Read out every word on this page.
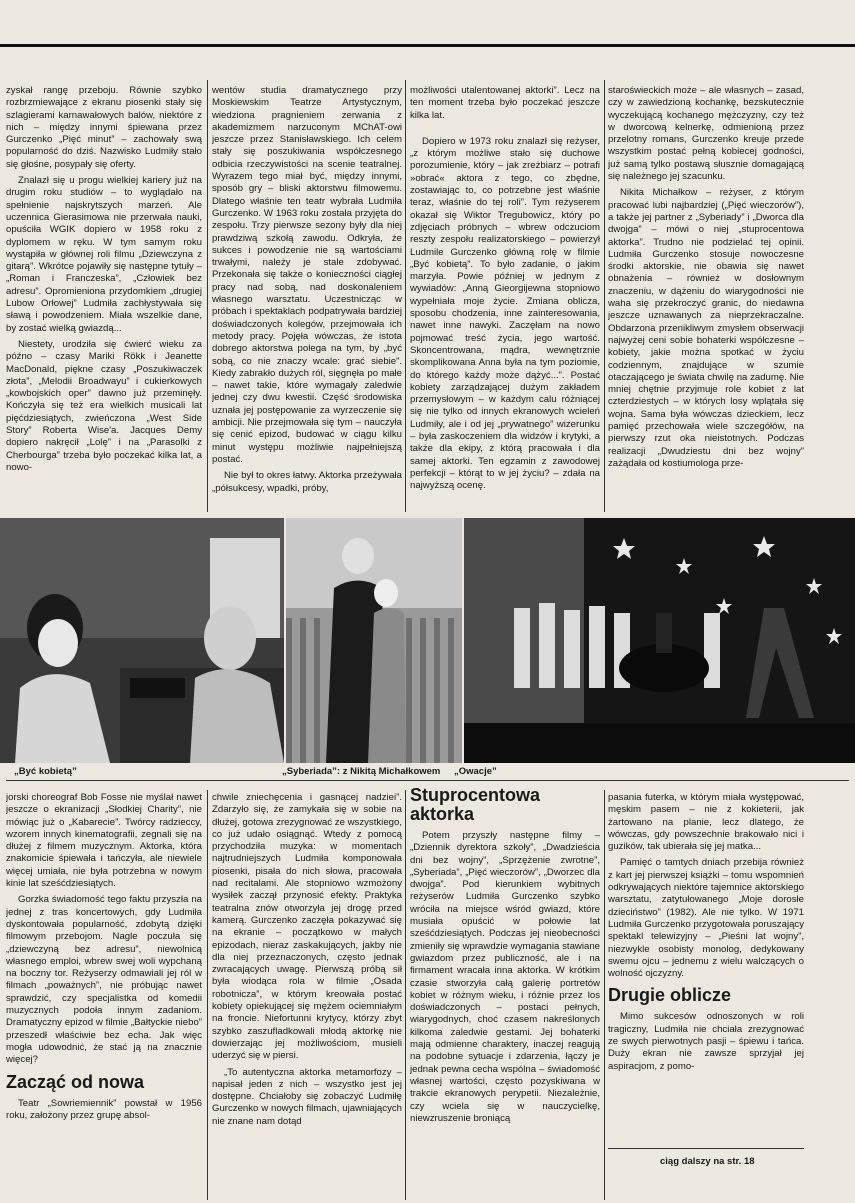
zyskał rangę przeboju. Równie szybko rozbrzmiewające z ekranu piosenki stały się szlagierami karnawałowych balów, niektóre z nich – między innymi śpiewana przez Gurczenko „Pięć minut” – zachowały swą popularność do dziś. Nazwisko Ludmiły stało się głośne, posypały się oferty.

Znalazł się u progu wielkiej kariery już na drugim roku studiów – to wyglądało na spełnienie najskrytszych marzeń. Ale uczennica Gierasimowa nie przerwała nauki, opuściła WGIK dopiero w 1958 roku z dyplomem w ręku. W tym samym roku wystąpiła w głównej roli filmu „Dziewczyna z gitarą”. Wkrótce pojawiły się następne tytuły – „Roman i Franczeska”, „Człowiek bez adresu”. Opromieniona przydomkiem „drugiej Lubow Orłowej” Ludmiła zachłystywała się sławą i powodzeniem. Miała wszelkie dane, by zostać wielką gwiazdą...

Niestety, urodziła się ćwierć wieku za późno – czasy Mariki Rökk i Jeanette MacDonald, piękne czasy „Poszukiwaczek złota”, „Melodii Broadwayu” i cukierkowych „kowbojskich oper” dawno już przeminęły. Kończyła się też era wielkich musicali lat pięćdziesiątych, zwieńczona „West Side Story” Roberta Wise'a. Jacques Demy dopiero nakręcił „Lolę” i na „Parasolki z Cherbourga” trzeba było poczekać kilka lat, a nowo-

wentów studia dramatycznego przy Moskiewskim Teatrze Artystycznym, wiedziona pragnieniem zerwania z akademizmem narzuconym MChAT-owi jeszcze przez Stanisławskiego. Ich celem stały się poszukiwania współczesnego odbicia rzeczywistości na scenie teatralnej. Wyrazem tego miał być, między innymi, sposób gry – bliski aktorstwu filmowemu. Dlatego właśnie ten teatr wybrała Ludmiła Gurczenko. W 1963 roku została przyjęta do zespołu. Trzy pierwsze sezony były dla niej prawdziwą szkołą zawodu. Odkryła, że sukces i powodzenie nie są wartościami trwałymi, należy je stale zdobywać. Przekonała się także o konieczności ciągłej pracy nad sobą, nad doskonaleniem własnego warsztatu. Uczestnicząc w próbach i spektaklach podpatrywała bardziej doświadczonych kolegów, przejmowała ich metody pracy. Pojęła wówczas, że istota dobrego aktorstwa polega na tym, by „być sobą, co nie znaczy wcale: grać siebie”. Kiedy zabrakło dużych ról, sięgnęła po małe – nawet takie, które wymagały zaledwie jednej czy dwu kwestii. Część środowiska uznała jej postępowanie za wyrzeczenie się ambicji. Nie przejmowała się tym – nauczyła się cenić epizod, budować w ciągu kilku minut występu możliwie najpełniejszą postać.

Nie był to okres łatwy. Aktorka przeżywała „półsukcesy, wpadki, próby,

możliwości utalentowanej aktorki”. Lecz na ten moment trzeba było poczekać jeszcze kilka lat.

Dopiero w 1973 roku znalazł się reżyser, „z którym możliwe stało się duchowe porozumienie, który – jak zreżbiarz – potrafi »obrać« aktora z tego, co zbędne, zostawiając to, co potrzebne jest właśnie teraz, właśnie do tej roli”. Tym reżyserem okazał się Wiktor Tregubowicz, który po zdjęciach próbnych – wbrew odczuciom reszty zespołu realizatorskiego – powierzył Ludmile Gurczenko główną rolę w filmie „Być kobietą”. To było zadanie, o jakim marzyła. Powie później w jednym z wywiadów: „Anną Gieorgijewna stopniowo wypełniała moje życie. Zmiana oblicza, sposobu chodzenia, inne zainteresowania, nawet inne nawyki. Zaczęłam na nowo pojmować treść życia, jego wartość. Skoncentrowana, mądra, wewnętrznie skomplikowana Anna była na tym poziomie, do którego każdy może dążyć...”. Postać kobiety zarządzającej dużym zakładem przemysłowym – w każdym calu różniącej się nie tylko od innych ekranowych wcieleń Ludmiły, ale i od jej „prywatnego” wizerunku – była zaskoczeniem dla widzów i krytyki, a także dla ekipy, z którą pracowała i dla samej aktorki. Ten egzamin z zawodowej perfekcji – którąt to w jej życiu? – zdała na najwyższą ocenę.

staroświeckich może – ale własnych – zasad, czy w zawiedzioną kochankę, bezskutecznie wyczekującą kochanego mężczyzny, czy też w dworcową kelnerkę, odmienioną przez przelotny romans, Gurczenko kreuje przede wszystkim postać pełną kobiecej godności, już samą tylko postawą słusznie domagającą się należnego jej szacunku.

Nikita Michałkow – reżyser, z którym pracować lubi najbardziej („Pięć wieczorów”), a także jej partner z „Syberiady” i „Dworca dla dwojga” – mówi o niej „stuprocentowa aktorka”. Trudno nie podzielać tej opinii. Ludmiła Gurczenko stosuje nowoczesne środki aktorskie, nie obawia się nawet obnażenia – również w dosłownym znaczeniu, w dążeniu do wiarygodności nie waha się przekroczyć granic, do niedawna jeszcze uznawanych za nieprzekraczalne. Obdarzona przenikliwym zmysłem obserwacji najwyżej ceni sobie bohaterki współczesne – kobiety, jakie można spotkać w życiu codziennym, znajdujące w szumie otaczającego je świata chwilę na zadumę. Nie mniej chętnie przyjmuje role kobiet z lat czterdziestych – w których losy wplątała się wojna. Sama była wówczas dzieckiem, lecz pamięć przechowała wiele szczegółów, na pierwszy rzut oka nieistotnych. Podczas realizacji „Dwudziestu dni bez wojny” zażądała od kostiumologa prze-

„Być kobietą”	„Syberiada”: z Nikitą Michałkowem „Owacje”

jorski choreograf Bob Fosse nie myślał nawet jeszcze o ekranizacji „Słodkiej Charity”, nie mówiąc już o „Kabarecie”. Twórcy radzieccy, wzorem innych kinematografii, zegnali się na dłużej z filmem muzycznym. Aktorka, która znakomicie śpiewała i tańczyła, ale niewiele więcej umiała, nie była potrzebna w nowym kinie lat sześćdziesiątych.

Gorzka świadomość tego faktu przyszła na jednej z tras koncertowych, gdy Ludmiła dyskontowała popularność, zdobytą dzięki filmowym przebojom. Nagle poczuła się „dziewczyną bez adresu”, niewolnicą własnego emploi, wbrew swej woli wypchaną na boczny tor. Reżyserzy odmawiali jej ról w filmach „poważnych”, nie próbując nawet sprawdzić, czy specjalistka od komedii muzycznych podoła innym zadaniom. Dramatyczny epizod w filmie „Bałtyckie niebo” przeszedł właściwie bez echa. Jak więc mogła udowodnić, że stać ją na znacznie więcej?

Zacząć od nowa

Teatr „Sowriemiennik” powstał w 1956 roku, założony przez grupę absol-

chwile zniechęcenia i gasnącej nadziei”. Zdarzyło się, że zamykała się w sobie na dłużej, gotowa zrezygnować ze wszystkiego, co już udało osiągnąć. Wtedy z pomocą przychodziła muzyka: w momentach najtrudniejszych Ludmiła komponowała piosenki, pisała do nich słowa, pracowała nad recitalami. Ale stopniowo wzmożony wysiłek zaczął przynosić efekty. Praktyka teatralna znów otworzyła jej drogę przed kamerą. Gurczenko zaczęła pokazywać się na ekranie – początkowo w małych epizodach, nieraz zaskakujących, jakby nie dla niej przeznaczonych, często jednak zwracających uwagę. Pierwszą próbą sił była wiodąca rola w filmie „Osada robotnicza”, w którym kreowała postać kobiety opiekującej się mężem ociemniałym na froncie. Niefortunni krytycy, którzy zbyt szybko zaszufladkowali młodą aktorkę nie dowierzając jej możliwościom, musieli uderzyć się w piersi.

„To autentyczna aktorka metamorfozy – napisał jeden z nich – wszystko jest jej dostępne. Chciałoby się zobaczyć Ludmiłę Gurczenko w nowych filmach, ujawniających nie znane nam dotąd

Stuprocentowa aktorka

Potem przyszły następne filmy – „Dziennik dyrektora szkoły”, „Dwadzieścia dni bez wojny”, „Sprzężenie zwrotne”, „Syberiada”, „Pięć wieczorów”, „Dworzec dla dwojga”. Pod kierunkiem wybitnych reżyserów Ludmiła Gurczenko szybko wróciła na miejsce wśród gwiazd, które musiała opuścić w połowie lat sześćdziesiątych. Podczas jej nieobecności zmieniły się wprawdzie wymagania stawiane gwiazdom przez publiczność, ale i na firmament wracała inna aktorka. W krótkim czasie stworzyła całą galerię portretów kobiet w różnym wieku, i różnie przez los doświadczonych – postaci pełnych, wiarygodnych, choć czasem nakreślonych kilkoma zaledwie gestami. Jej bohaterki mają odmienne charaktery, inaczej reagują na podobne sytuacje i zdarzenia, łączy je jednak pewna cecha wspólna – świadomość własnej wartości, często pozyskiwana w trakcie ekranowych perypetii. Niezależnie, czy wciela się w nauczycielkę, niewzruszenie broniącą

pasania futerka, w którym miała występować, męskim pasem – nie z kokieterii, jak żartowano na planie, lecz dlatego, że wówczas, gdy powszechnie brakowało nici i guzików, tak ubierała się jej matka...

Pamięć o tamtych dniach przebija również z kart jej pierwszej książki – tomu wspomnień odkrywających niektóre tajemnice aktorskiego warsztatu, zatytułowanego „Moje dorosłe dzieciństwo” (1982). Ale nie tylko. W 1971 Ludmiła Gurczenko przygotowała poruszający spektakl telewizyjny – „Pieśni lat wojny”, niezwykle osobisty monolog, dedykowany swemu ojcu – jednemu z wielu walczących o wolność ojczyzny.

Drugie oblicze

Mimo sukcesów odnoszonych w roli tragiczny, Ludmiła nie chciała zrezygnować ze swych pierwotnych pasji – śpiewu i tańca. Duży ekran nie zawsze sprzyjał jej aspiracjom, z pomo-

ciąg dalszy na str. 18
